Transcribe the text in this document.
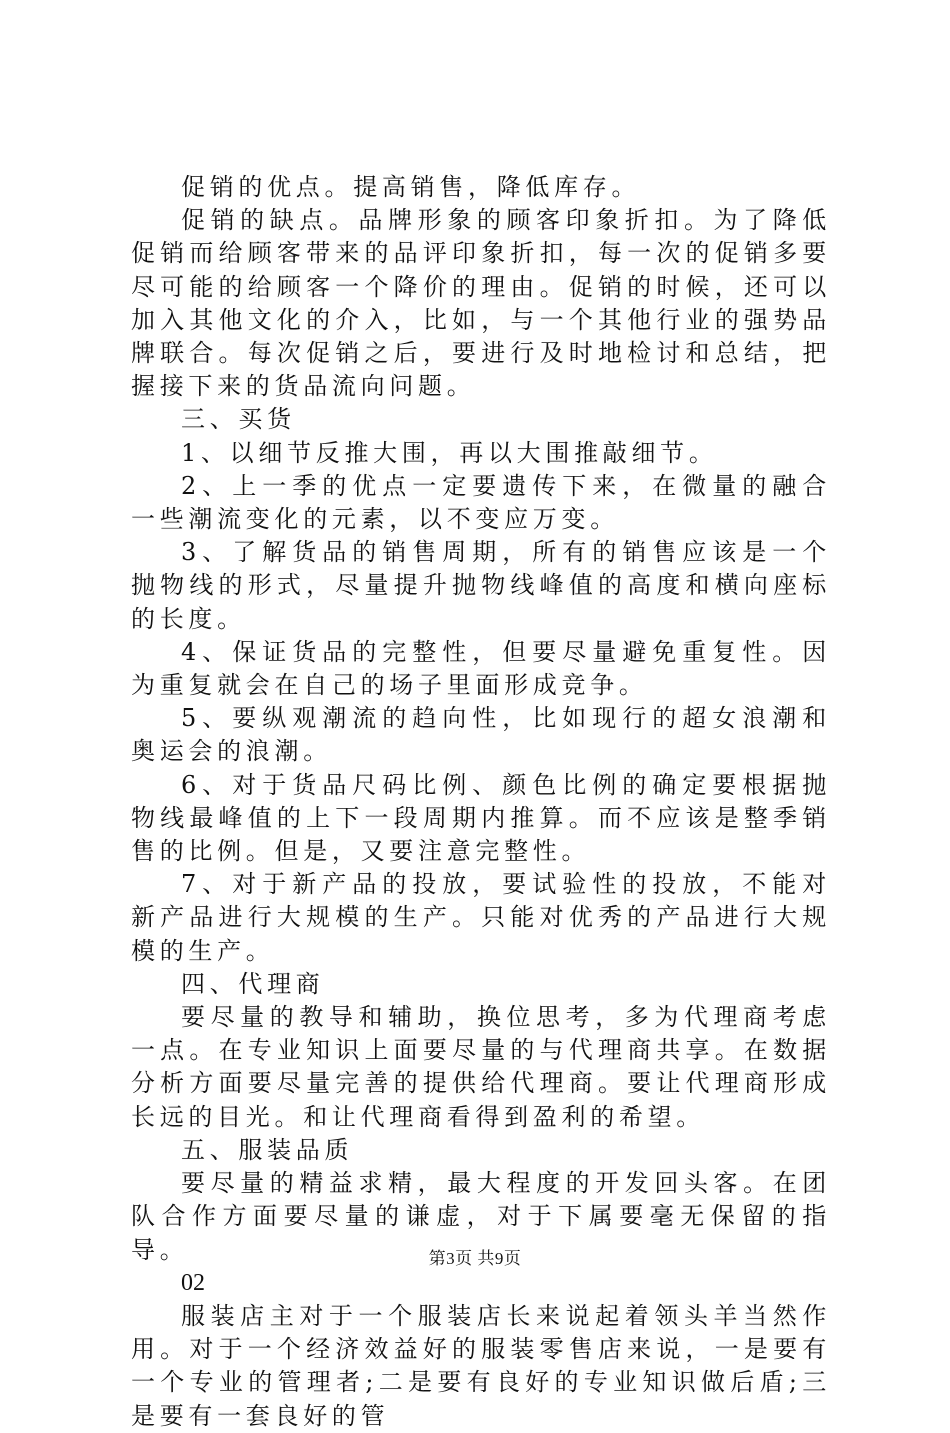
促销的优点。提高销售，降低库存。

促销的缺点。品牌形象的顾客印象折扣。为了降低促销而给顾客带来的品评印象折扣，每一次的促销多要尽可能的给顾客一个降价的理由。促销的时候，还可以加入其他文化的介入，比如，与一个其他行业的强势品牌联合。每次促销之后，要进行及时地检讨和总结，把握接下来的货品流向问题。

三、买货

1、以细节反推大围，再以大围推敲细节。

2、上一季的优点一定要遗传下来，在微量的融合一些潮流变化的元素，以不变应万变。

3、了解货品的销售周期，所有的销售应该是一个抛物线的形式，尽量提升抛物线峰值的高度和横向座标的长度。

4、保证货品的完整性，但要尽量避免重复性。因为重复就会在自己的场子里面形成竞争。

5、要纵观潮流的趋向性，比如现行的超女浪潮和奥运会的浪潮。

6、对于货品尺码比例、颜色比例的确定要根据抛物线最峰值的上下一段周期内推算。而不应该是整季销售的比例。但是，又要注意完整性。

7、对于新产品的投放，要试验性的投放，不能对新产品进行大规模的生产。只能对优秀的产品进行大规模的生产。

四、代理商

要尽量的教导和辅助，换位思考，多为代理商考虑一点。在专业知识上面要尽量的与代理商共享。在数据分析方面要尽量完善的提供给代理商。要让代理商形成长远的目光。和让代理商看得到盈利的希望。

五、服装品质

要尽量的精益求精，最大程度的开发回头客。在团队合作方面要尽量的谦虚，对于下属要毫无保留的指导。

02

服装店主对于一个服装店长来说起着领头羊当然作用。对于一个经济效益好的服装零售店来说，一是要有一个专业的管理者;二是要有良好的专业知识做后盾;三是要有一套良好的管

第3页 共9页
